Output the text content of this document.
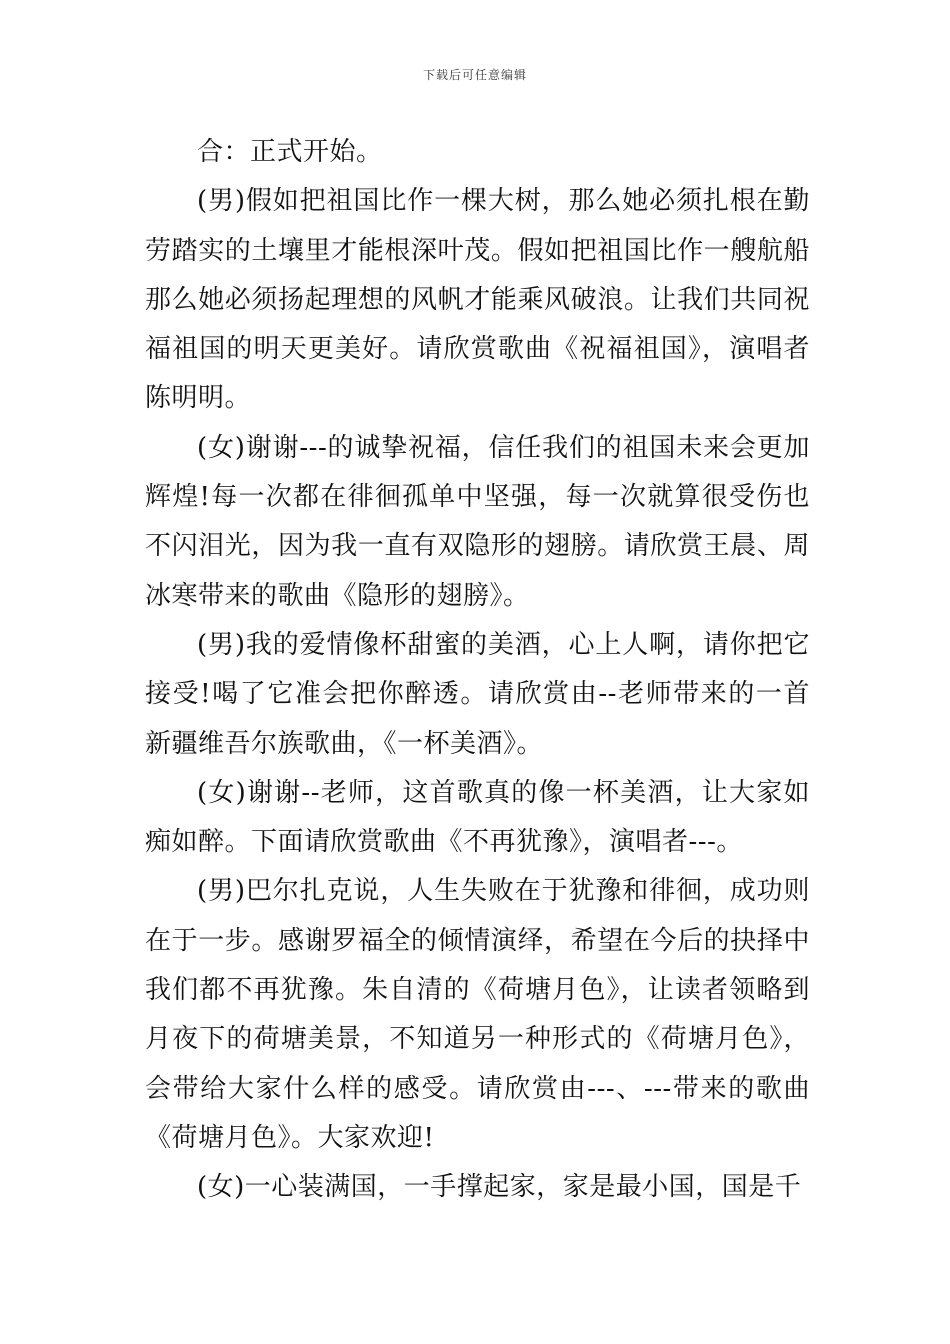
下载后可任意编辑

合：正式开始。

(男)假如把祖国比作一棵大树，那么她必须扎根在勤劳踏实的土壤里才能根深叶茂。假如把祖国比作一艘航船那么她必须扬起理想的风帆才能乘风破浪。让我们共同祝福祖国的明天更美好。请欣赏歌曲《祝福祖国》，演唱者陈明明。

(女)谢谢---的诚挚祝福，信任我们的祖国未来会更加辉煌!每一次都在徘徊孤单中坚强，每一次就算很受伤也不闪泪光，因为我一直有双隐形的翅膀。请欣赏王晨、周冰寒带来的歌曲《隐形的翅膀》。

(男)我的爱情像杯甜蜜的美酒，心上人啊，请你把它接受!喝了它准会把你醉透。请欣赏由--老师带来的一首新疆维吾尔族歌曲，《一杯美酒》。

(女)谢谢--老师，这首歌真的像一杯美酒，让大家如痴如醉。下面请欣赏歌曲《不再犹豫》，演唱者---。

(男)巴尔扎克说，人生失败在于犹豫和徘徊，成功则在于一步。感谢罗福全的倾情演绎，希望在今后的抉择中我们都不再犹豫。朱自清的《荷塘月色》，让读者领略到月夜下的荷塘美景，不知道另一种形式的《荷塘月色》，会带给大家什么样的感受。请欣赏由---、---带来的歌曲《荷塘月色》。大家欢迎!

(女)一心装满国，一手撑起家，家是最小国，国是千
